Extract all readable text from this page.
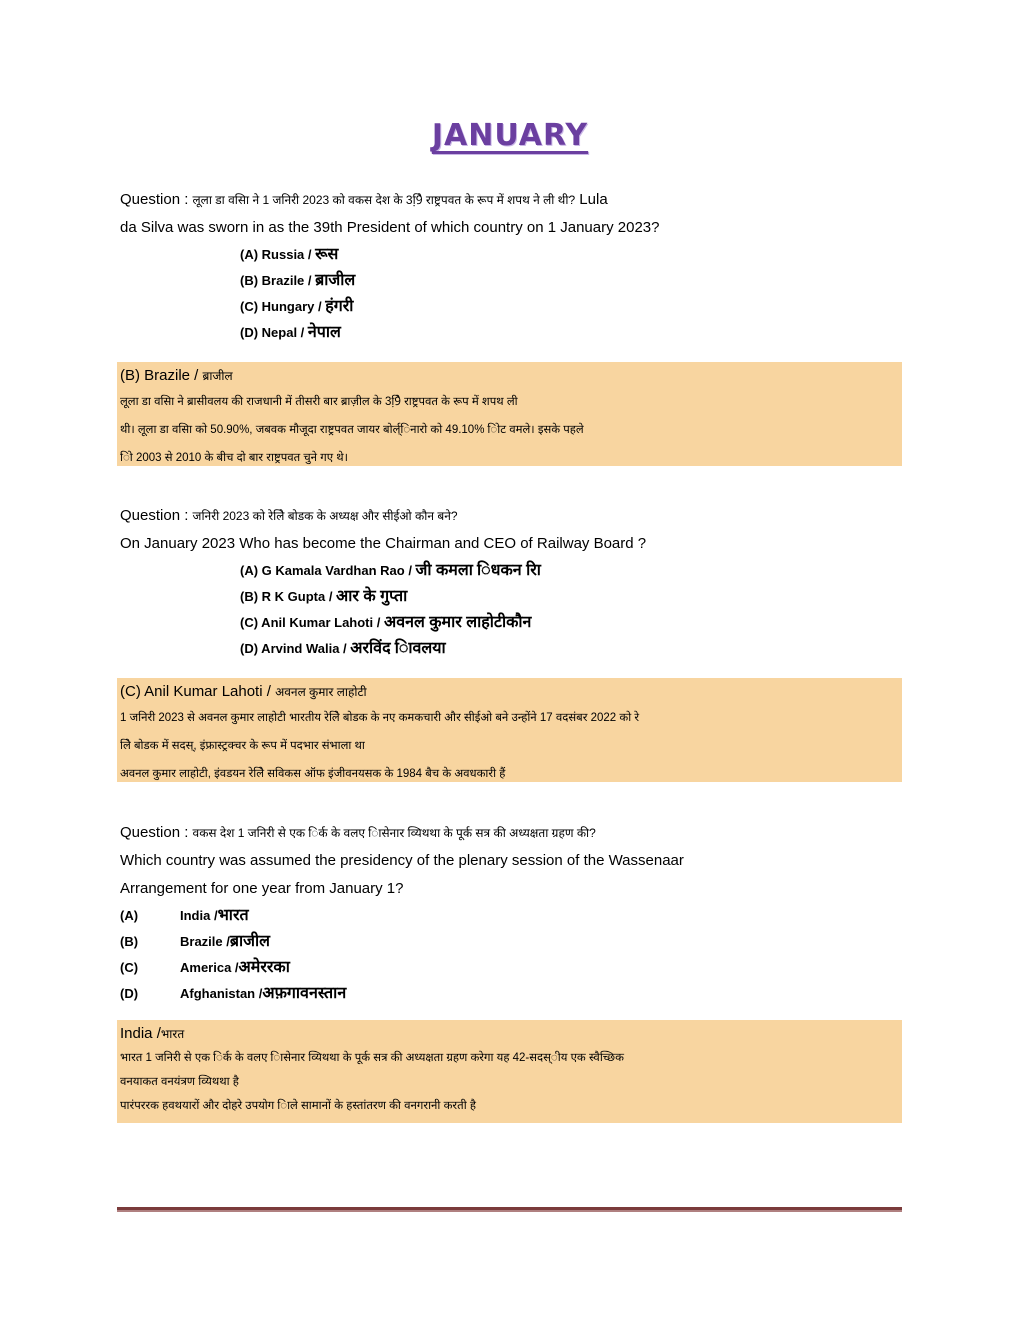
JANUARY
Question : लूला डा वसिा ने 1 जनिरी 2023 को वकस देश के 39ि़े राष्ट्रपवत के रूप में शपथ ने ली थी? Lula
da Silva was sworn in as the 39th President of which country on 1 January 2023?
(A) Russia / रूस
(B) Brazile / ब्राजील
(C) Hungary / हंगरी
(D) Nepal / नेपाल
(B) Brazile / ब्राजील
लूला डा वसिा ने ब्रासीवलय की राजधानी में तीसरी बार ब्राज़ील के 39ि़े राष्ट्रपवत के रूप में शपथ ली
थी। लूला डा वसिा को 50.90%, जबवक मौजूदा राष्ट्रपवत जायर बोर्ल्िनारो को 49.10% िोट वमले। इसके पहले
िो 2003 से 2010 के बीच दो बार राष्ट्रपवत चुने गए थे।
Question : जनिरी 2023 को रेलिे बोडक के अध्यक्ष और सीईओ कौन बने?
On January 2023 Who has become the Chairman and CEO of Railway Board ?
(A) G Kamala Vardhan Rao / जी कमला िधकन राि
(B) R K Gupta / आर के गुप्ता
(C) Anil Kumar Lahoti / अवनल कुमार लाहोटीकौन
(D) Arvind Walia / अरविंद िावलया
(C) Anil Kumar Lahoti / अवनल कुमार लाहोटी
1 जनिरी 2023 से अवनल कुमार लाहोटी भारतीय रेलिे बोडक के नए कमकचारी और सीईओ बने उन्होंने 17 वदसंबर 2022 को रे
लिे बोडक में सदस्, इंफ्रास्ट्रक्चर के रूप में पदभार संभाला था
अवनल कुमार लाहोटी, इंवडयन रेलिे सविकस ऑफ इंजीवनयसक के 1984 बैच के अवधकारी हैं
Question : वकस देश 1 जनिरी से एक िर्क के वलए िासेनार व्यिथथा के पूर्क सत्र की अध्यक्षता ग्रहण की?
Which country was assumed the presidency of the plenary session of the Wassenaar
Arrangement for one year from January 1?
(A)	India / भारत
(B)	Brazile / ब्राजील
(C)	America / अमेररका
(D)	Afghanistan / अफ़गावनस्तान
India /भारत
भारत 1 जनिरी से एक िर्क के वलए िासेनार व्यिथथा के पूर्क सत्र की अध्यक्षता ग्रहण करेगा यह 42-सदस्ीय एक स्वैच्छिक
वनयाकत वनयंत्रण व्यिथथा है
पारंपररक हवथयारों और दोहरे उपयोग िाले सामानों के हस्तांतरण की वनगरानी करती है
